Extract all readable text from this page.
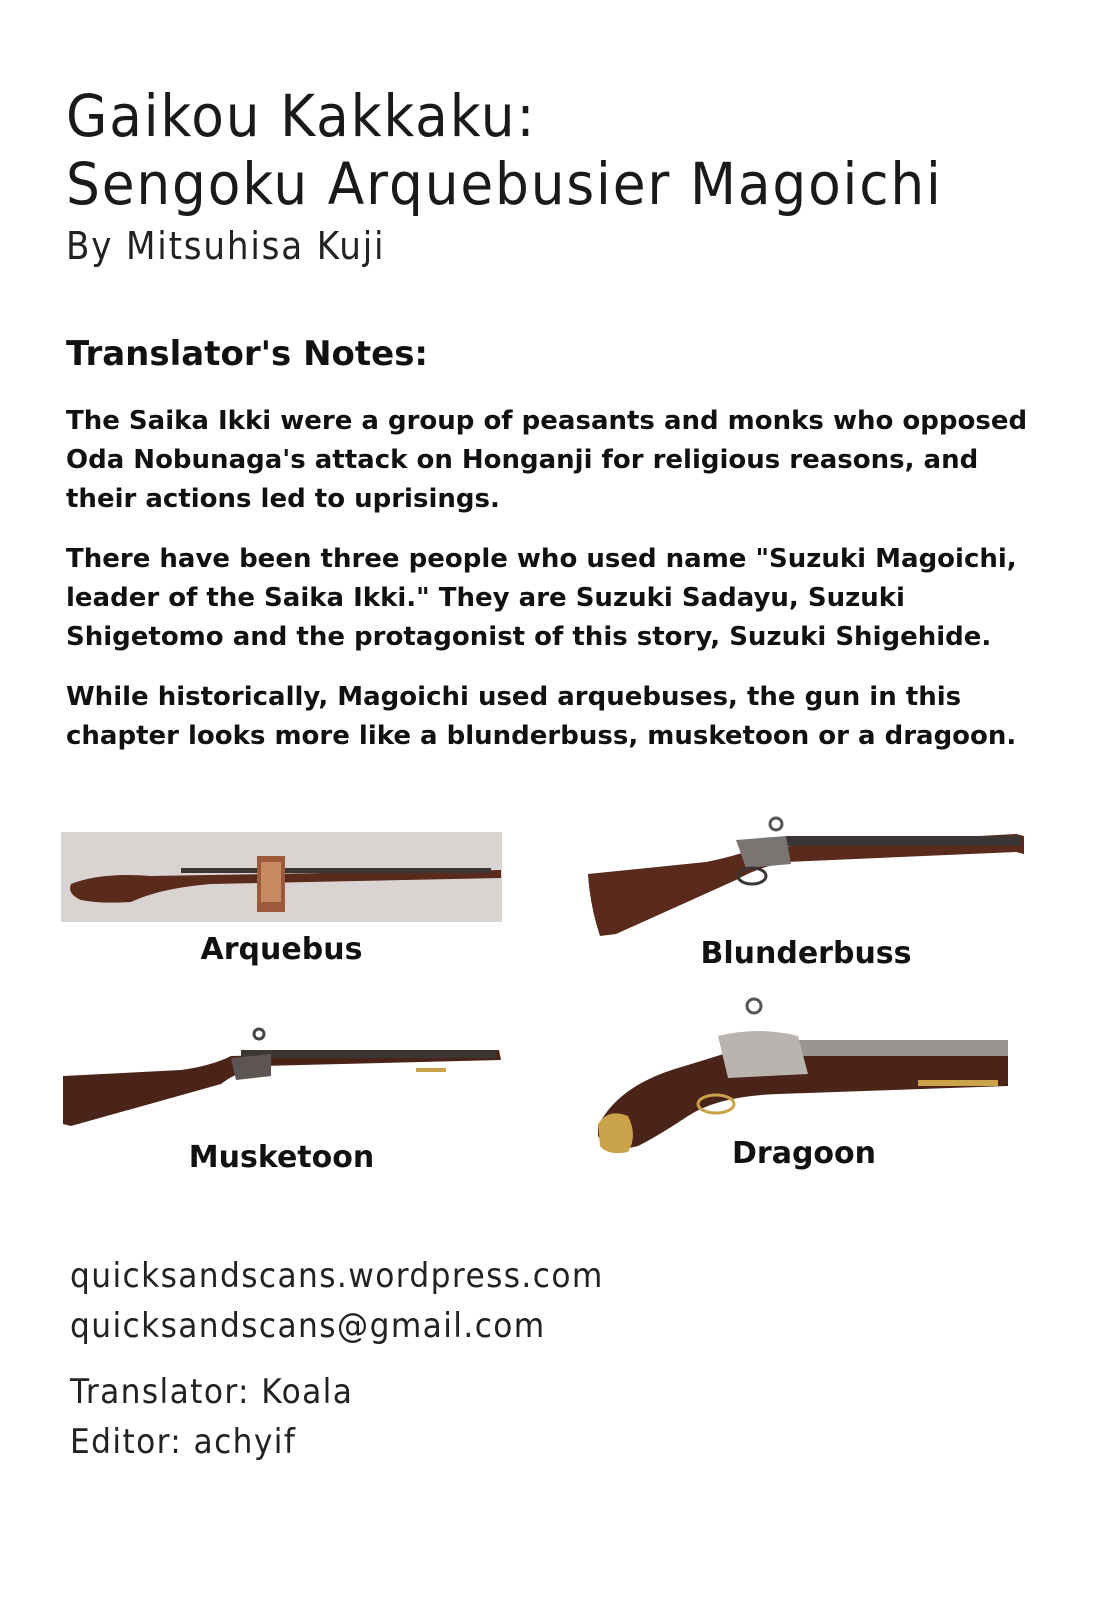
Gaikou Kakkaku:
Sengoku Arquebusier Magoichi
By Mitsuhisa Kuji
Translator's Notes:
The Saika Ikki were a group of peasants and monks who opposed Oda Nobunaga's attack on Honganji for religious reasons, and their actions led to uprisings.
There have been three people who used name "Suzuki Magoichi, leader of the Saika Ikki." They are Suzuki Sadayu, Suzuki Shigetomo and the protagonist of this story, Suzuki Shigehide.
While historically, Magoichi used arquebuses, the gun in this chapter looks more like a blunderbuss, musketoon or a dragoon.
Arquebus	Blunderbuss
Musketoon	Dragoon
quicksandscans.wordpress.com
quicksandscans@gmail.com
Translator: Koala
Editor: achyif
